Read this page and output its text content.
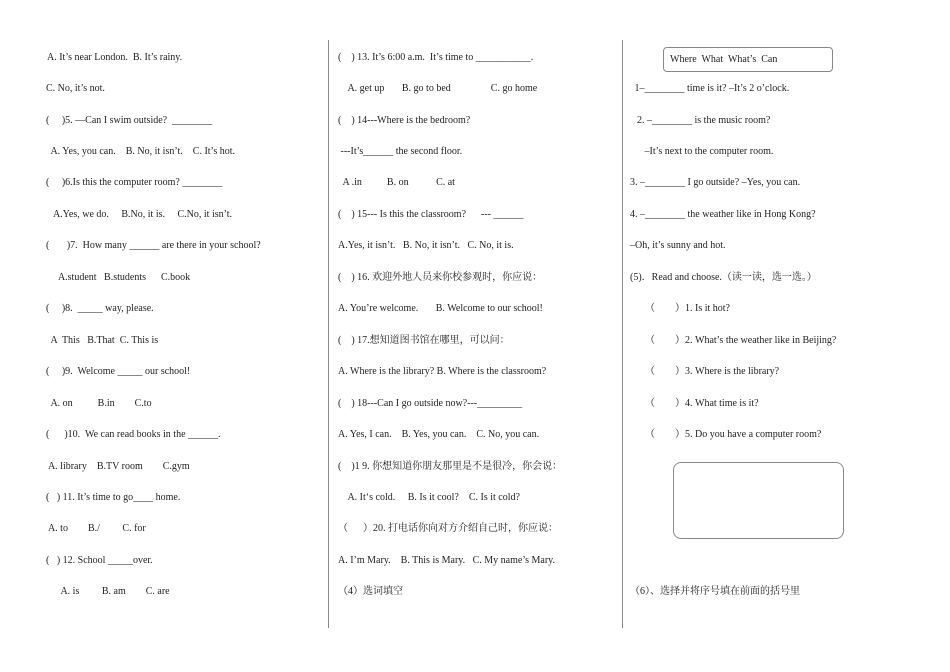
A. It’s near London.  B. It’s rainy.
C. No, it’s not.
(     )5. —Can I swim outside?  ________
A. Yes, you can.    B. No, it isn’t.    C. It’s hot.
(     )6.Is this the computer room? ________
A.Yes, we do.     B.No, it is.     C.No, it isn’t.
(       )7.  How many ______ are there in your school?
A.student   B.students      C.book
(     )8.  _____ way, please.
A  This   B.That  C. This is
(     )9.  Welcome _____ our school!
A. on          B.in        C.to
(      )10.  We can read books in the ______.
A. library    B.TV room        C.gym
(   ) 11. It’s time to go____ home.
A. to        B./         C. for
(   ) 12. School _____over.
A. is         B. am        C. are
(    ) 13. It’s 6:00 a.m.  It’s time to ___________.
A. get up       B. go to bed                C. go home
(    ) 14---Where is the bedroom?
---It’s______ the second floor.
A .in          B. on           C. at
(    ) 15--- Is this the classroom?      --- ______
A.Yes, it isn’t.   B. No, it isn’t.   C. No, it is.
(    ) 16. 欢迎外地人员来你校参观时，你应说：
A. You’re welcome.       B. Welcome to our school!
(    ) 17.想知道图书馆在哪里，可以问：
A. Where is the library? B. Where is the classroom?
(    ) 18---Can I go outside now?---_________
A. Yes, I can.    B. Yes, you can.    C. No, you can.
(    )1 9. 你想知道你朋友那里是不是很冷，你会说：
A. It‘s cold.     B. Is it cool?    C. Is it cold?
（      ）20. 打电话你向对方介绍自己时，你应说：
A. I’m Mary.    B. This is Mary.   C. My name’s Mary.
（4）选词填空
Where  What  What’s  Can
1–________ time is it? –It’s 2 o’clock.
2. –________ is the music room?
–It’s next to the computer room.
3. –________ I go outside? –Yes, you can.
4. –________ the weather like in Hong Kong?
–Oh, it’s sunny and hot.
(5)．Read and choose.（读一读，选一选。）
（        ）1. Is it hot?
（        ）2. What’s the weather like in Beijing?
（        ）3. Where is the library?
（        ）4. What time is it?
（        ）5. Do you have a computer room?
（6）、选择并将序号填在前面的括号里
